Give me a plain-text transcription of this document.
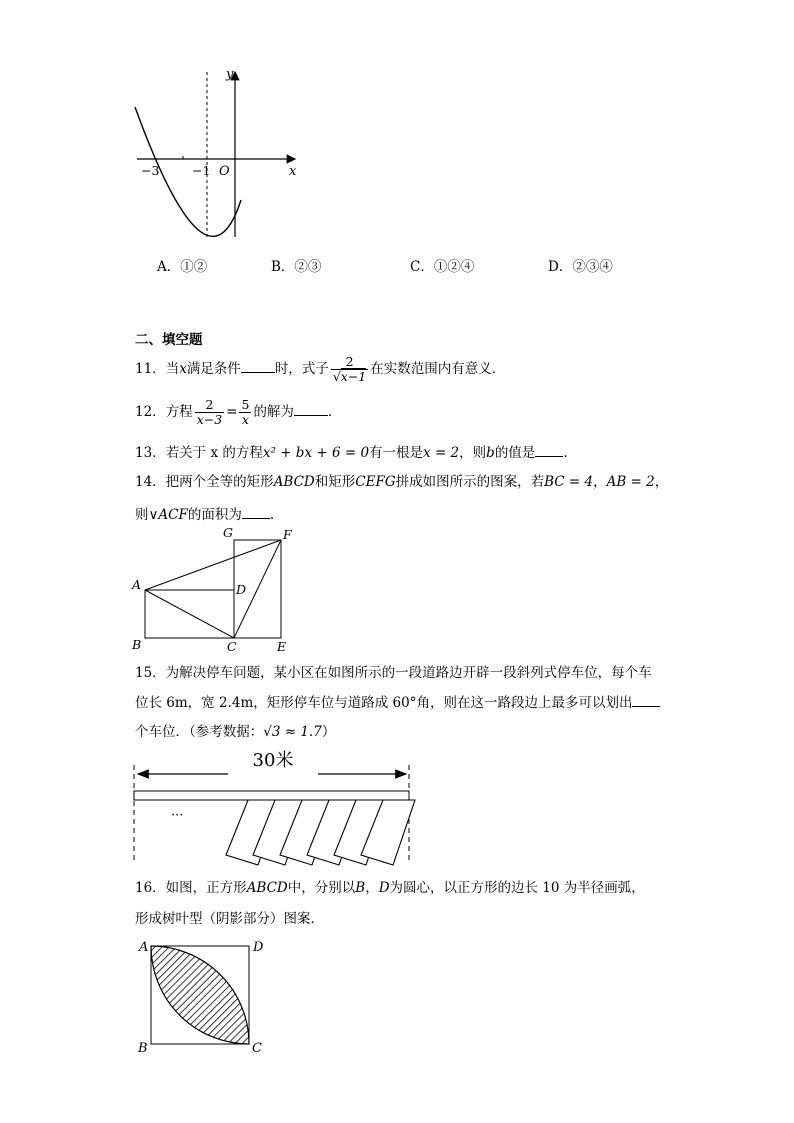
y
x
−3	−1 O
A．①②	B．②③	C．①②④	D．②③④
二、填空题
11．当x满足条件	时，式子 $\frac{2}{√x-1}$ 在实数范围内有意义．
12．方程 $\frac{2}{x-3} = \frac{5}{x}$ 的解为	．
13．若关于 x 的方程x² + bx + 6 = 0有一根是x = 2，则b的值是 .
14．把两个全等的矩形ABCD和矩形CEFG拼成如图所示的图案，若BC = 4，AB = 2，
则∨ACF的面积为 .
A
B	C
D
E
F
G
15．为解决停车问题，某小区在如图所示的一段道路边开辟一段斜列式停车位，每个车
位长 6m，宽 2.4m，矩形停车位与道路成 60°角，则在这一路段边上最多可以划出
个车位．（参考数据：√3 ≈ 1.7）
30米
···
16．如图，正方形ABCD中，分别以B，D为圆心，以正方形的边长 10 为半径画弧，
形成树叶型（阴影部分）图案．
A	D
B	C
